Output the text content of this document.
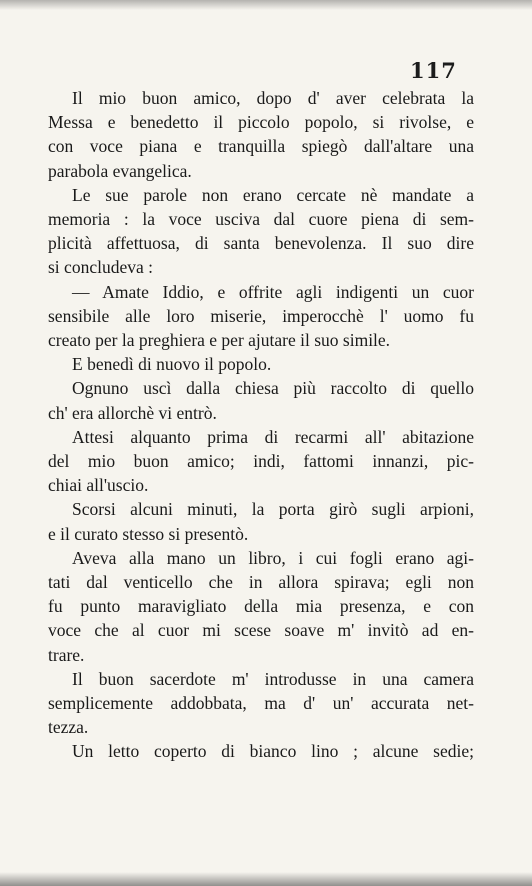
117
Il mio buon amico, dopo d' aver celebrata la
Messa e benedetto il piccolo popolo, si rivolse, e
con voce piana e tranquilla spiegò dall'altare una
parabola evangelica.
Le sue parole non erano cercate nè mandate a
memoria : la voce usciva dal cuore piena di sem-
plicità affettuosa, di santa benevolenza. Il suo dire
si concludeva :
— Amate Iddio, e offrite agli indigenti un cuor
sensibile alle loro miserie, imperocchè l' uomo fu
creato per la preghiera e per ajutare il suo simile.
E benedì di nuovo il popolo.
Ognuno uscì dalla chiesa più raccolto di quello
ch' era allorchè vi entrò.
Attesi alquanto prima di recarmi all' abitazione
del mio buon amico; indi, fattomi innanzi, pic-
chiai all'uscio.
Scorsi alcuni minuti, la porta girò sugli arpioni,
e il curato stesso si presentò.
Aveva alla mano un libro, i cui fogli erano agi-
tati dal venticello che in allora spirava; egli non
fu punto maravigliato della mia presenza, e con
voce che al cuor mi scese soave m' invitò ad en-
trare.
Il buon sacerdote m' introdusse in una camera
semplicemente addobbata, ma d' un' accurata net-
tezza.
Un letto coperto di bianco lino ; alcune sedie;
